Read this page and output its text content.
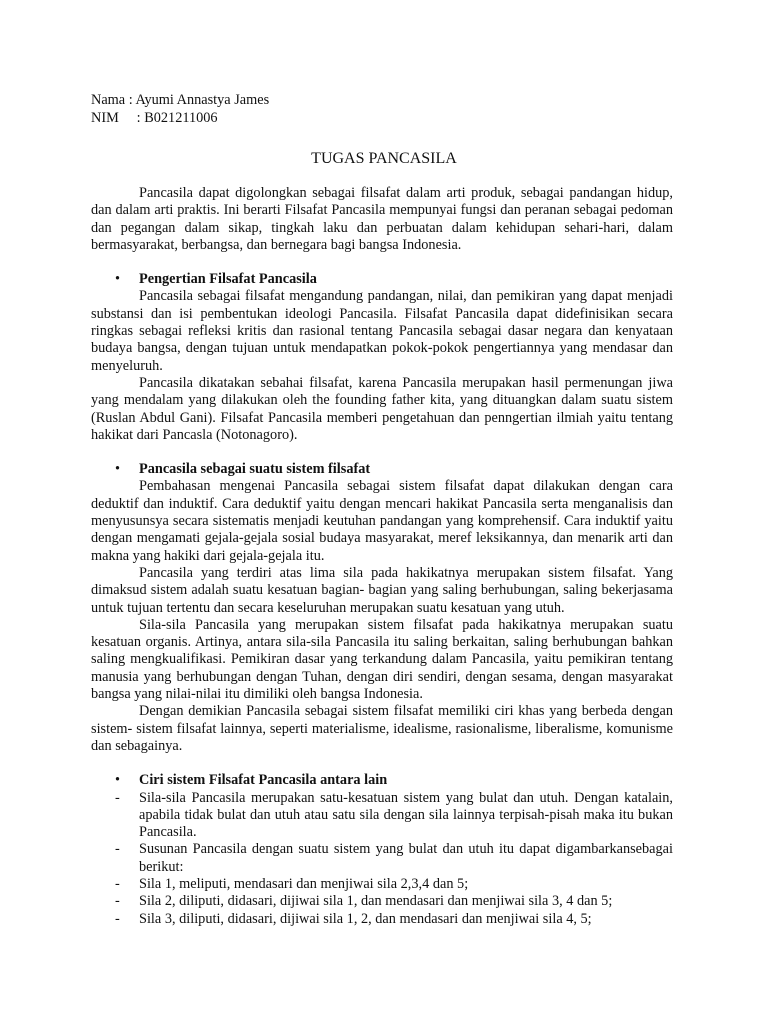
Nama : Ayumi Annastya James
NIM     : B021211006
TUGAS PANCASILA

Pancasila dapat digolongkan sebagai filsafat dalam arti produk, sebagai pandangan hidup, dan dalam arti praktis. Ini berarti Filsafat Pancasila mempunyai fungsi dan peranan sebagai pedoman dan pegangan dalam sikap, tingkah laku dan perbuatan dalam kehidupan sehari-hari, dalam bermasyarakat, berbangsa, dan bernegara bagi bangsa Indonesia.

• Pengertian Filsafat Pancasila

Pancasila sebagai filsafat mengandung pandangan, nilai, dan pemikiran yang dapat menjadi substansi dan isi pembentukan ideologi Pancasila. Filsafat Pancasila dapat didefinisikan secara ringkas sebagai refleksi kritis dan rasional tentang Pancasila sebagai dasar negara dan kenyataan budaya bangsa, dengan tujuan untuk mendapatkan pokok-pokok pengertiannya yang mendasar dan menyeluruh.

Pancasila dikatakan sebahai filsafat, karena Pancasila merupakan hasil permenungan jiwa yang mendalam yang dilakukan oleh the founding father kita, yang dituangkan dalam suatu sistem (Ruslan Abdul Gani). Filsafat Pancasila memberi pengetahuan dan penngertian ilmiah yaitu tentang hakikat dari Pancasla (Notonagoro).

• Pancasila sebagai suatu sistem filsafat

Pembahasan mengenai Pancasila sebagai sistem filsafat dapat dilakukan dengan cara deduktif dan induktif. Cara deduktif yaitu dengan mencari hakikat Pancasila serta menganalisis dan menyusunsya secara sistematis menjadi keutuhan pandangan yang komprehensif. Cara induktif yaitu dengan mengamati gejala-gejala sosial budaya masyarakat, meref leksikannya, dan menarik arti dan makna yang hakiki dari gejala-gejala itu.

Pancasila yang terdiri atas lima sila pada hakikatnya merupakan sistem filsafat. Yang dimaksud sistem adalah suatu kesatuan bagian- bagian yang saling berhubungan, saling bekerjasama untuk tujuan tertentu dan secara keseluruhan merupakan suatu kesatuan yang utuh.

Sila-sila Pancasila yang merupakan sistem filsafat pada hakikatnya merupakan suatu kesatuan organis. Artinya, antara sila-sila Pancasila itu saling berkaitan, saling berhubungan bahkan saling mengkualifikasi. Pemikiran dasar yang terkandung dalam Pancasila, yaitu pemikiran tentang manusia yang berhubungan dengan Tuhan, dengan diri sendiri, dengan sesama, dengan masyarakat bangsa yang nilai-nilai itu dimiliki oleh bangsa Indonesia.

Dengan demikian Pancasila sebagai sistem filsafat memiliki ciri khas yang berbeda dengan sistem- sistem filsafat lainnya, seperti materialisme, idealisme, rasionalisme, liberalisme, komunisme dan sebagainya.

• Ciri sistem Filsafat Pancasila antara lain

- Sila-sila Pancasila merupakan satu-kesatuan sistem yang bulat dan utuh. Dengan katalain, apabila tidak bulat dan utuh atau satu sila dengan sila lainnya terpisah-pisah maka itu bukan Pancasila.

- Susunan Pancasila dengan suatu sistem yang bulat dan utuh itu dapat digambarkansebagai berikut:

- Sila 1, meliputi, mendasari dan menjiwai sila 2,3,4 dan 5;

- Sila 2, diliputi, didasari, dijiwai sila 1, dan mendasari dan menjiwai sila 3, 4 dan 5;

- Sila 3, diliputi, didasari, dijiwai sila 1, 2, dan mendasari dan menjiwai sila 4, 5;
